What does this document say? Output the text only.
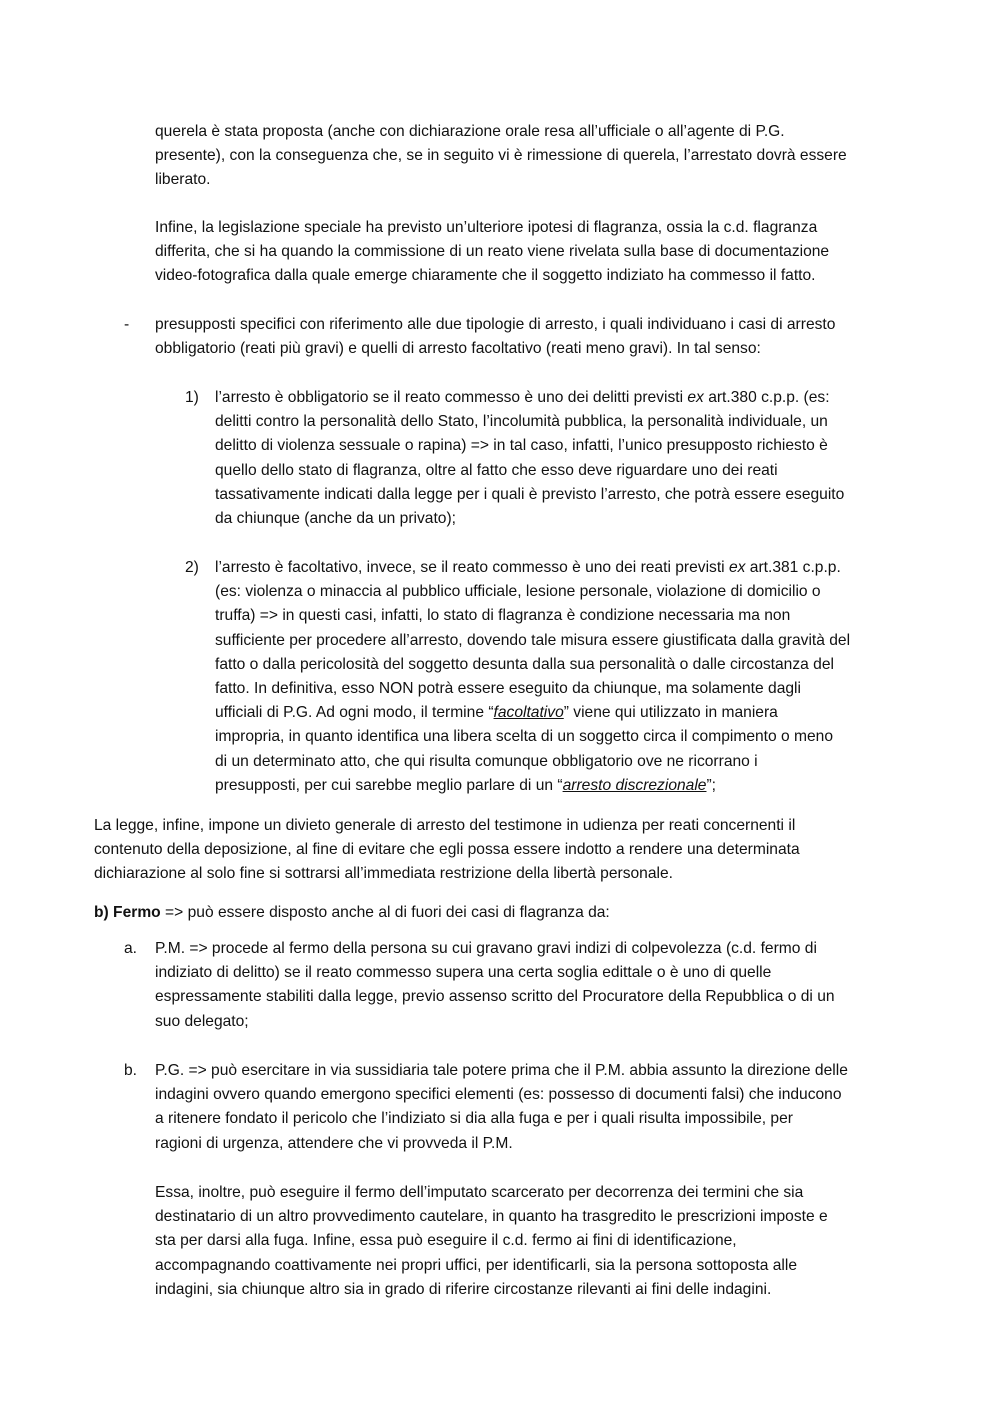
querela è stata proposta (anche con dichiarazione orale resa all’ufficiale o all’agente di P.G.
presente), con la conseguenza che, se in seguito vi è rimessione di querela, l’arrestato dovrà essere
liberato.

Infine, la legislazione speciale ha previsto un’ulteriore ipotesi di flagranza, ossia la c.d. flagranza
differita, che si ha quando la commissione di un reato viene rivelata sulla base di documentazione
video-fotografica dalla quale emerge chiaramente che il soggetto indiziato ha commesso il fatto.

- presupposti specifici con riferimento alle due tipologie di arresto, i quali individuano i casi di arresto
obbligatorio (reati più gravi) e quelli di arresto facoltativo (reati meno gravi). In tal senso:

1) l’arresto è obbligatorio se il reato commesso è uno dei delitti previsti ex art.380 c.p.p. (es:
delitti contro la personalità dello Stato, l’incolumità pubblica, la personalità individuale, un
delitto di violenza sessuale o rapina) => in tal caso, infatti, l’unico presupposto richiesto è
quello dello stato di flagranza, oltre al fatto che esso deve riguardare uno dei reati
tassativamente indicati dalla legge per i quali è previsto l’arresto, che potrà essere eseguito
da chiunque (anche da un privato);

2) l’arresto è facoltativo, invece, se il reato commesso è uno dei reati previsti ex art.381 c.p.p.
(es: violenza o minaccia al pubblico ufficiale, lesione personale, violazione di domicilio o
truffa) => in questi casi, infatti, lo stato di flagranza è condizione necessaria ma non
sufficiente per procedere all’arresto, dovendo tale misura essere giustificata dalla gravità del
fatto o dalla pericolosità del soggetto desunta dalla sua personalità o dalle circostanza del
fatto. In definitiva, esso NON potrà essere eseguito da chiunque, ma solamente dagli
ufficiali di P.G. Ad ogni modo, il termine “facoltativo” viene qui utilizzato in maniera
impropria, in quanto identifica una libera scelta di un soggetto circa il compimento o meno
di un determinato atto, che qui risulta comunque obbligatorio ove ne ricorrano i
presupposti, per cui sarebbe meglio parlare di un “arresto discrezionale”;

La legge, infine, impone un divieto generale di arresto del testimone in udienza per reati concernenti il
contenuto della deposizione, al fine di evitare che egli possa essere indotto a rendere una determinata
dichiarazione al solo fine si sottrarsi all’immediata restrizione della libertà personale.

b) Fermo => può essere disposto anche al di fuori dei casi di flagranza da:

a. P.M. => procede al fermo della persona su cui gravano gravi indizi di colpevolezza (c.d. fermo di
indiziato di delitto) se il reato commesso supera una certa soglia edittale o è uno di quelle
espressamente stabiliti dalla legge, previo assenso scritto del Procuratore della Repubblica o di un
suo delegato;

b. P.G. => può esercitare in via sussidiaria tale potere prima che il P.M. abbia assunto la direzione delle
indagini ovvero quando emergono specifici elementi (es: possesso di documenti falsi) che inducono
a ritenere fondato il pericolo che l’indiziato si dia alla fuga e per i quali risulta impossibile, per
ragioni di urgenza, attendere che vi provveda il P.M.

Essa, inoltre, può eseguire il fermo dell’imputato scarcerato per decorrenza dei termini che sia
destinatario di un altro provvedimento cautelare, in quanto ha trasgredito le prescrizioni imposte e
sta per darsi alla fuga. Infine, essa può eseguire il c.d. fermo ai fini di identificazione,
accompagnando coattivamente nei propri uffici, per identificarli, sia la persona sottoposta alle
indagini, sia chiunque altro sia in grado di riferire circostanze rilevanti ai fini delle indagini.
